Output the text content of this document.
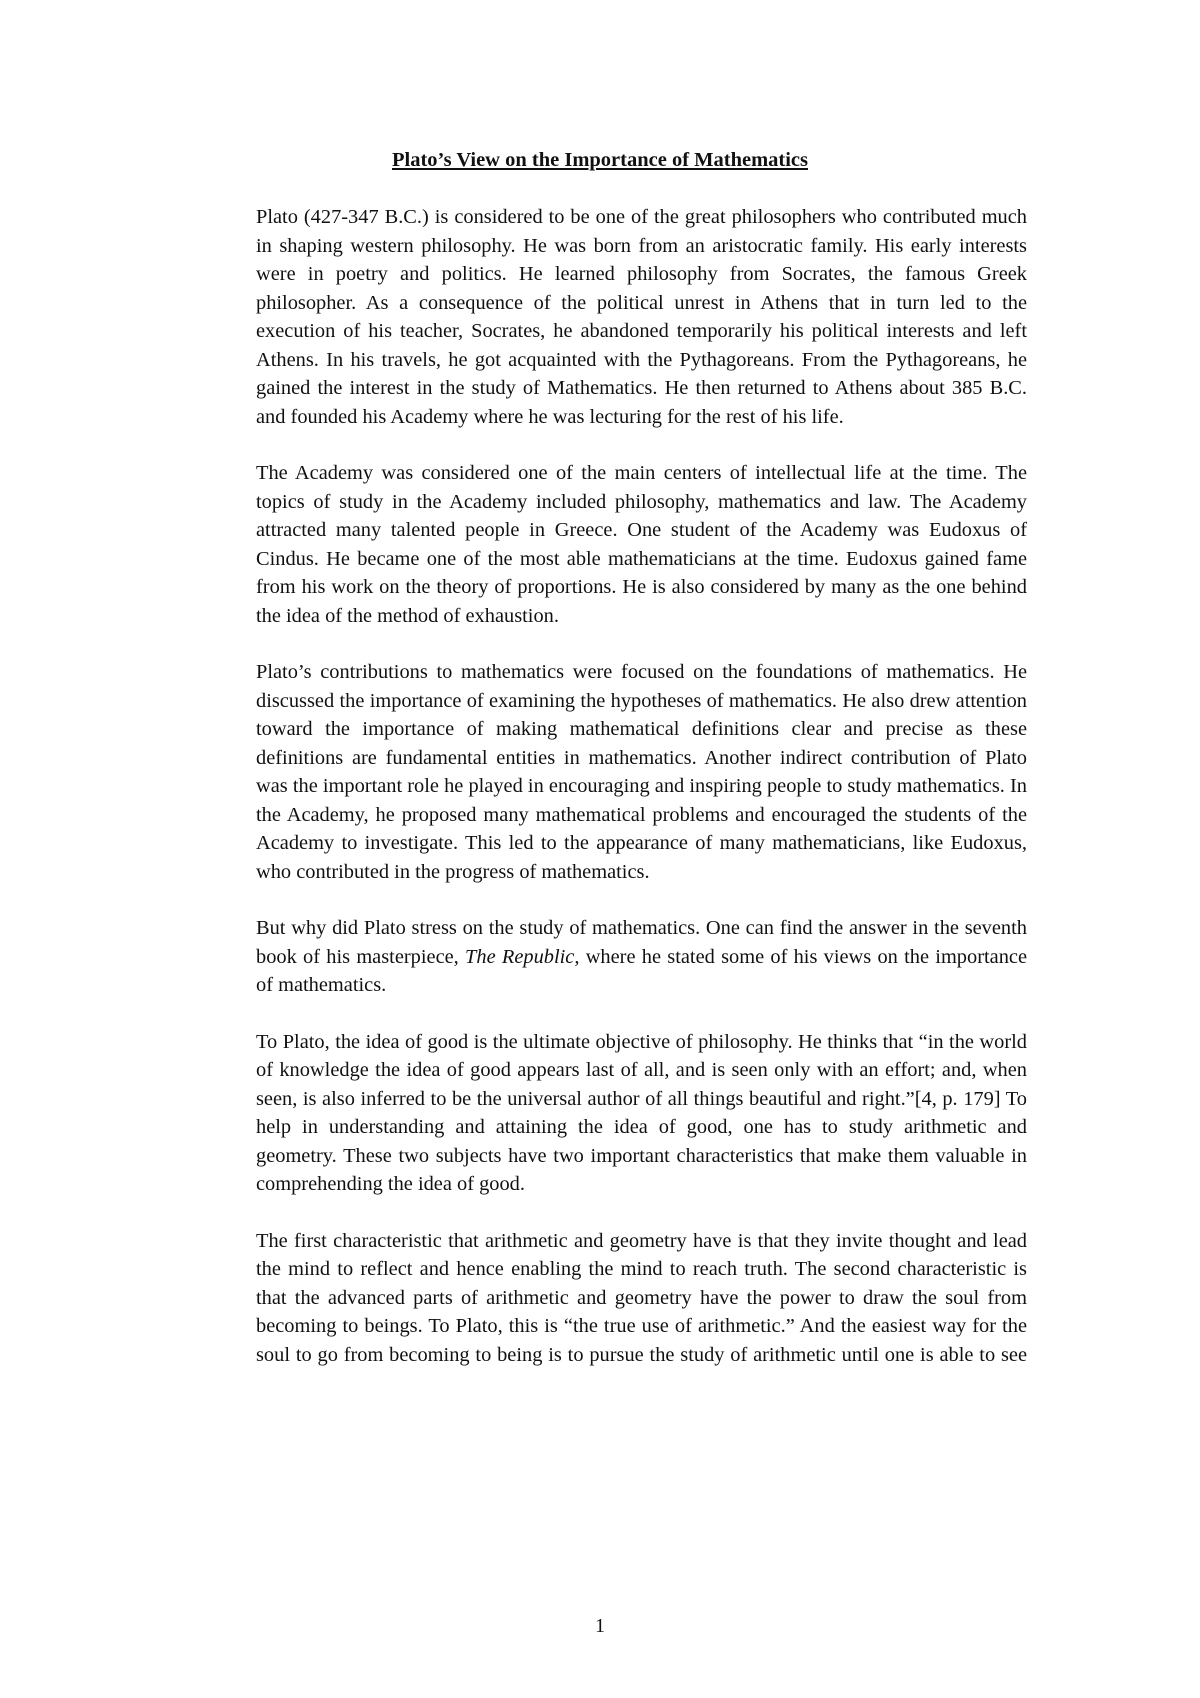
Plato’s View on the Importance of Mathematics

Plato (427-347 B.C.) is considered to be one of the great philosophers who contributed much in shaping western philosophy. He was born from an aristocratic family. His early interests were in poetry and politics. He learned philosophy from Socrates, the famous Greek philosopher. As a consequence of the political unrest in Athens that in turn led to the execution of his teacher, Socrates, he abandoned temporarily his political interests and left Athens. In his travels, he got acquainted with the Pythagoreans. From the Pythagoreans, he gained the interest in the study of Mathematics. He then returned to Athens about 385 B.C. and founded his Academy where he was lecturing for the rest of his life.

The Academy was considered one of the main centers of intellectual life at the time. The topics of study in the Academy included philosophy, mathematics and law. The Academy attracted many talented people in Greece. One student of the Academy was Eudoxus of Cindus. He became one of the most able mathematicians at the time. Eudoxus gained fame from his work on the theory of proportions. He is also considered by many as the one behind the idea of the method of exhaustion.

Plato’s contributions to mathematics were focused on the foundations of mathematics. He discussed the importance of examining the hypotheses of mathematics. He also drew attention toward the importance of making mathematical definitions clear and precise as these definitions are fundamental entities in mathematics. Another indirect contribution of Plato was the important role he played in encouraging and inspiring people to study mathematics. In the Academy, he proposed many mathematical problems and encouraged the students of the Academy to investigate. This led to the appearance of many mathematicians, like Eudoxus, who contributed in the progress of mathematics.

But why did Plato stress on the study of mathematics. One can find the answer in the seventh book of his masterpiece, The Republic, where he stated some of his views on the importance of mathematics.

To Plato, the idea of good is the ultimate objective of philosophy. He thinks that “in the world of knowledge the idea of good appears last of all, and is seen only with an effort; and, when seen, is also inferred to be the universal author of all things beautiful and right.”[4, p. 179] To help in understanding and attaining the idea of good, one has to study arithmetic and geometry. These two subjects have two important characteristics that make them valuable in comprehending the idea of good.

The first characteristic that arithmetic and geometry have is that they invite thought and lead the mind to reflect and hence enabling the mind to reach truth. The second characteristic is that the advanced parts of arithmetic and geometry have the power to draw the soul from becoming to beings. To Plato, this is “the true use of arithmetic.” And the easiest way for the soul to go from becoming to being is to pursue the study of arithmetic until one is able to see

1
